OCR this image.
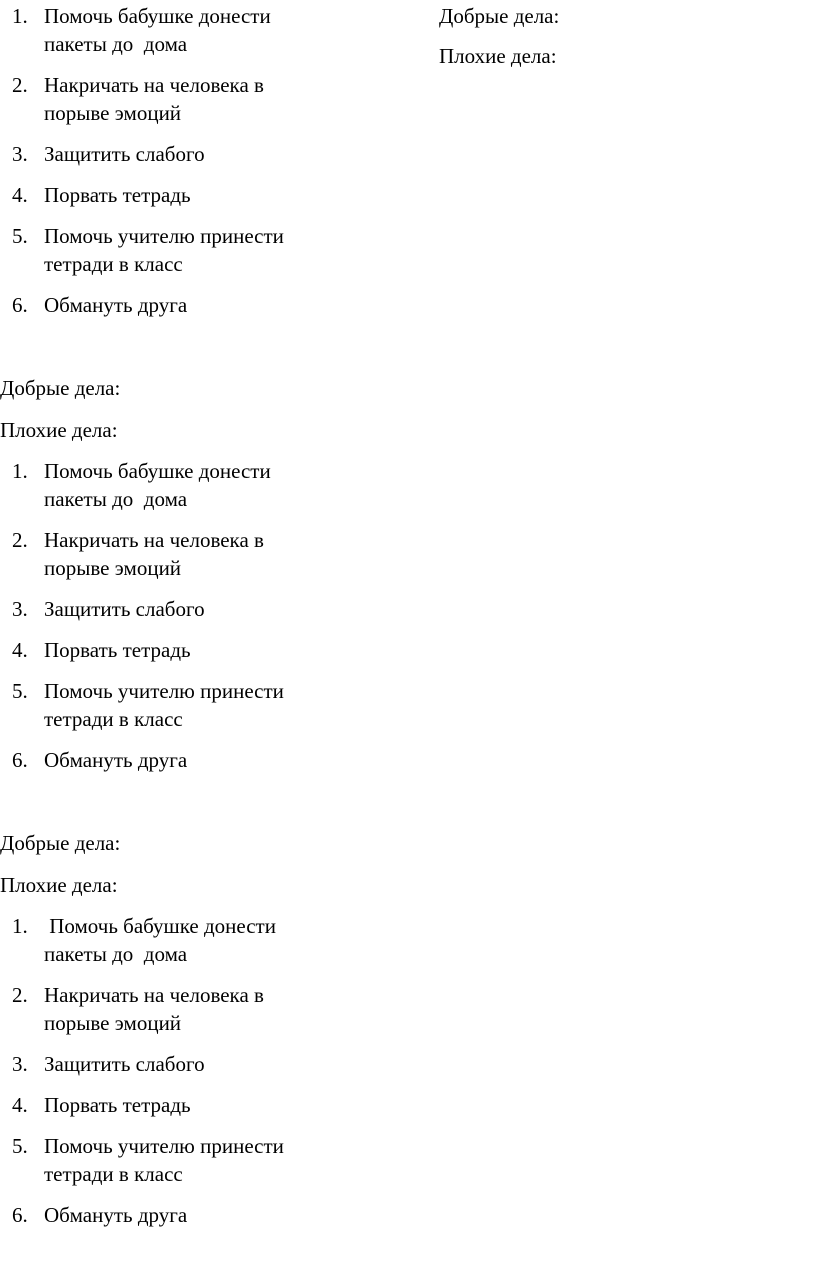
1. Помочь бабушке донести
пакеты до  дома
2. Накричать на человека в
порыве эмоций
3. Защитить слабого
4. Порвать тетрадь
5. Помочь учителю принести
тетради в класс
6. Обмануть друга

Добрые дела:

Плохие дела:

Добрые дела:

Плохие дела:

1. Помочь бабушке донести
пакеты до  дома
2. Накричать на человека в
порыве эмоций
3. Защитить слабого
4. Порвать тетрадь
5. Помочь учителю принести
тетради в класс
6. Обмануть друга

Добрые дела:

Плохие дела:

1. Помочь бабушке донести
пакеты до  дома
2. Накричать на человека в
порыве эмоций
3. Защитить слабого
4. Порвать тетрадь
5. Помочь учителю принести
тетради в класс
6. Обмануть друга
